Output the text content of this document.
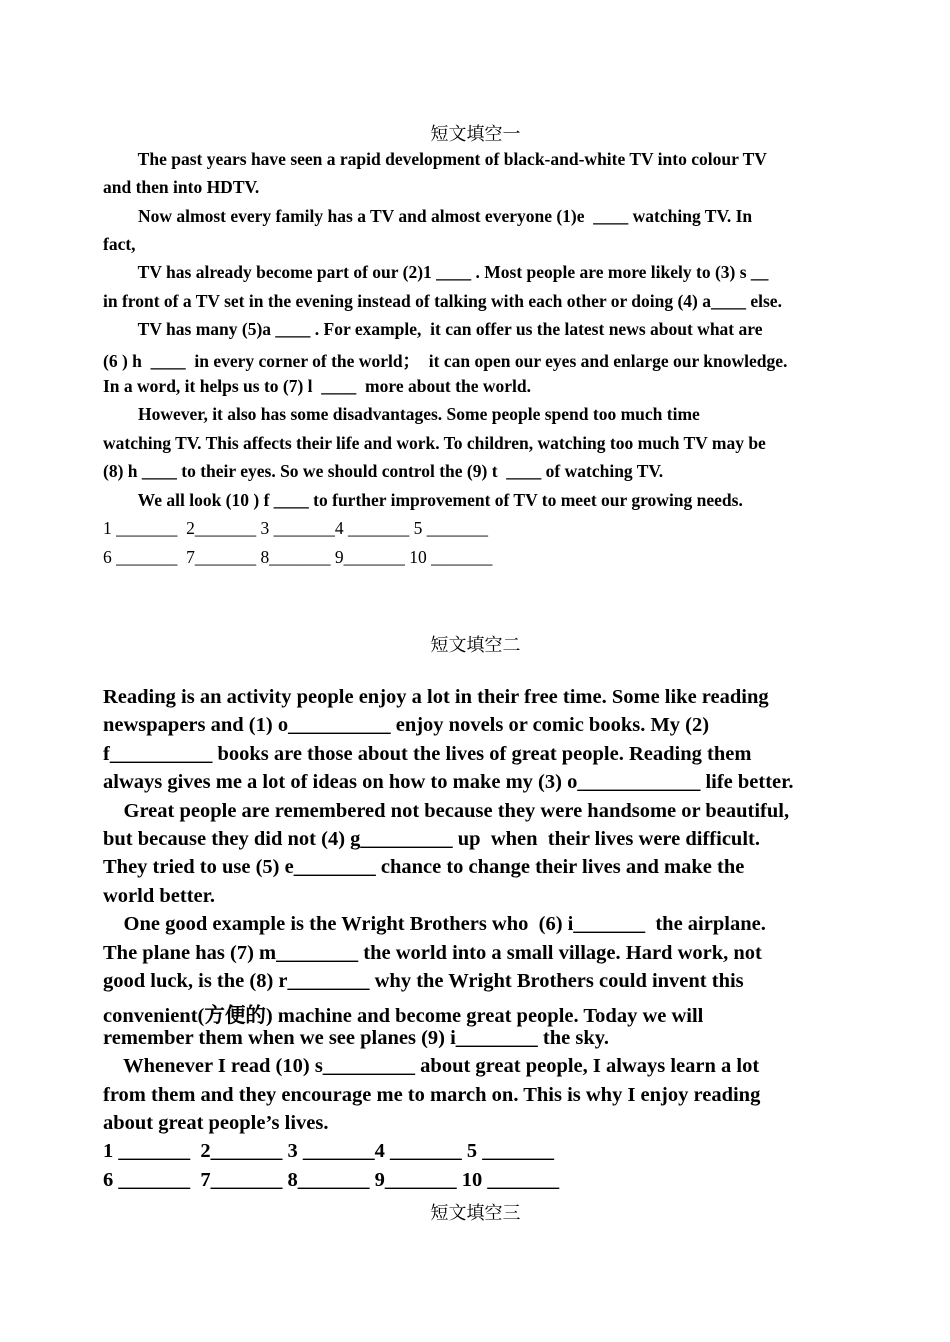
短文填空一
The past years have seen a rapid development of black-and-white TV into colour TV
and then into HDTV.
Now almost every family has a TV and almost everyone (1)e  ____ watching TV. In
fact,
TV has already become part of our (2)1 ____ . Most people are more likely to (3) s __
in front of a TV set in the evening instead of talking with each other or doing (4) a____ else.
TV has many (5)a ____ . For example,  it can offer us the latest news about what are
(6 ) h  ____  in every corner of the world；  it can open our eyes and enlarge our knowledge.
In a word, it helps us to (7) l  ____  more about the world.
However, it also has some disadvantages. Some people spend too much time
watching TV. This affects their life and work. To children, watching too much TV may be
(8) h ____ to their eyes. So we should control the (9) t  ____ of watching TV.
We all look (10 ) f ____ to further improvement of TV to meet our growing needs.
1 _______  2_______ 3 _______4 _______ 5 _______
6 _______  7_______ 8_______ 9_______ 10 _______
短文填空二
Reading is an activity people enjoy a lot in their free time. Some like reading
newspapers and (1) o__________ enjoy novels or comic books. My (2)
f__________ books are those about the lives of great people. Reading them
always gives me a lot of ideas on how to make my (3) o____________ life better.
Great people are remembered not because they were handsome or beautiful,
but because they did not (4) g_________ up  when  their lives were difficult.
They tried to use (5) e________ chance to change their lives and make the
world better.
One good example is the Wright Brothers who  (6) i_______  the airplane.
The plane has (7) m________ the world into a small village. Hard work, not
good luck, is the (8) r________ why the Wright Brothers could invent this
convenient(方便的) machine and become great people. Today we will
remember them when we see planes (9) i________ the sky.
Whenever I read (10) s_________ about great people, I always learn a lot
from them and they encourage me to march on. This is why I enjoy reading
about great people’s lives.
1 _______  2_______ 3 _______4 _______ 5 _______
6 _______  7_______ 8_______ 9_______ 10 _______
短文填空三
